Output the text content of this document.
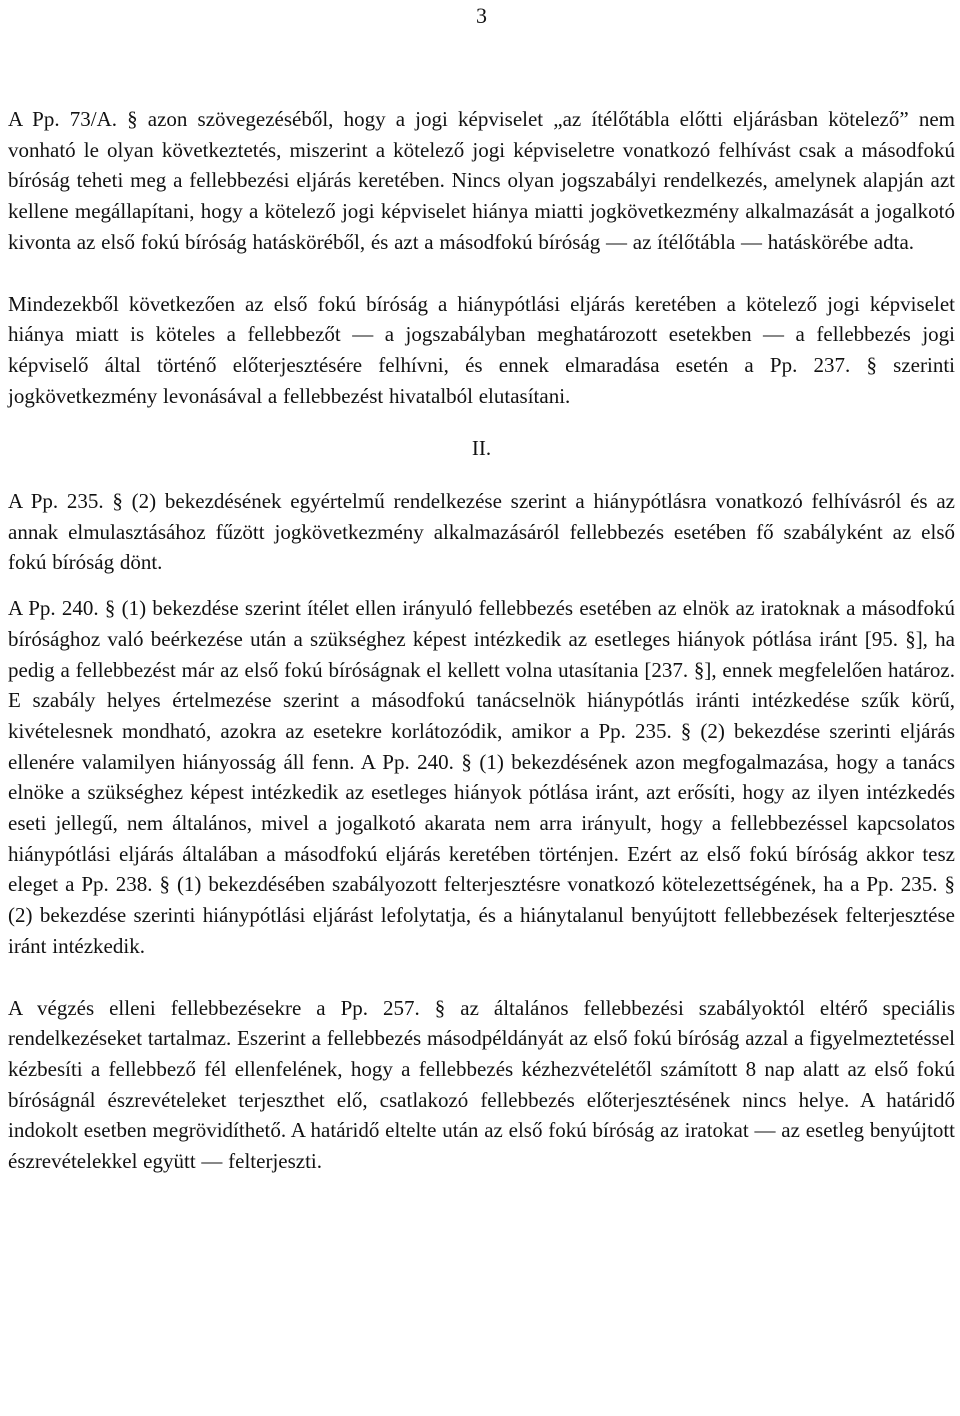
3

A Pp. 73/A. § azon szövegezéséből, hogy a jogi képviselet „az ítélőtábla előtti eljárásban kötelező” nem vonható le olyan következtetés, miszerint a kötelező jogi képviseletre vonatkozó felhívást csak a másodfokú bíróság teheti meg a fellebbezési eljárás keretében. Nincs olyan jogszabályi rendelkezés, amelynek alapján azt kellene megállapítani, hogy a kötelező jogi képviselet hiánya miatti jogkövetkezmény alkalmazását a jogalkotó kivonta az első fokú bíróság hatásköréből, és azt a másodfokú bíróság — az ítélőtábla — hatáskörébe adta.

Mindezekből következően az első fokú bíróság a hiánypótlási eljárás keretében a kötelező jogi képviselet hiánya miatt is köteles a fellebbezőt — a jogszabályban meghatározott esetekben — a fellebbezés jogi képviselő által történő előterjesztésére felhívni, és ennek elmaradása esetén a Pp. 237. § szerinti jogkövetkezmény levonásával a fellebbezést hivatalból elutasítani.

II.

A Pp. 235. § (2) bekezdésének egyértelmű rendelkezése szerint a hiánypótlásra vonatkozó felhívásról és az annak elmulasztásához fűzött jogkövetkezmény alkalmazásáról fellebbezés esetében fő szabályként az első fokú bíróság dönt.

A Pp. 240. § (1) bekezdése szerint ítélet ellen irányuló fellebbezés esetében az elnök az iratoknak a másodfokú bírósághoz való beérkezése után a szükséghez képest intézkedik az esetleges hiányok pótlása iránt [95. §], ha pedig a fellebbezést már az első fokú bíróságnak el kellett volna utasítania [237. §], ennek megfelelően határoz. E szabály helyes értelmezése szerint a másodfokú tanácselnök hiánypótlás iránti intézkedése szűk körű, kivételesnek mondható, azokra az esetekre korlátozódik, amikor a Pp. 235. § (2) bekezdése szerinti eljárás ellenére valamilyen hiányosság áll fenn. A Pp. 240. § (1) bekezdésének azon megfogalmazása, hogy a tanács elnöke a szükséghez képest intézkedik az esetleges hiányok pótlása iránt, azt erősíti, hogy az ilyen intézkedés eseti jellegű, nem általános, mivel a jogalkotó akarata nem arra irányult, hogy a fellebbezéssel kapcsolatos hiánypótlási eljárás általában a másodfokú eljárás keretében történjen. Ezért az első fokú bíróság akkor tesz eleget a Pp. 238. § (1) bekezdésében szabályozott felterjesztésre vonatkozó kötelezettségének, ha a Pp. 235. § (2) bekezdése szerinti hiánypótlási eljárást lefolytatja, és a hiánytalanul benyújtott fellebbezések felterjesztése iránt intézkedik.

A végzés elleni fellebbezésekre a Pp. 257. § az általános fellebbezési szabályoktól eltérő speciális rendelkezéseket tartalmaz. Eszerint a fellebbezés másodpéldányát az első fokú bíróság azzal a figyelmeztetéssel kézbesíti a fellebbező fél ellenfelének, hogy a fellebbezés kézhezvételétől számított 8 nap alatt az első fokú bíróságnál észrevételeket terjeszthet elő, csatlakozó fellebbezés előterjesztésének nincs helye. A határidő indokolt esetben megrövidíthető. A határidő eltelte után az első fokú bíróság az iratokat — az esetleg benyújtott észrevételekkel együtt — felterjeszti.
